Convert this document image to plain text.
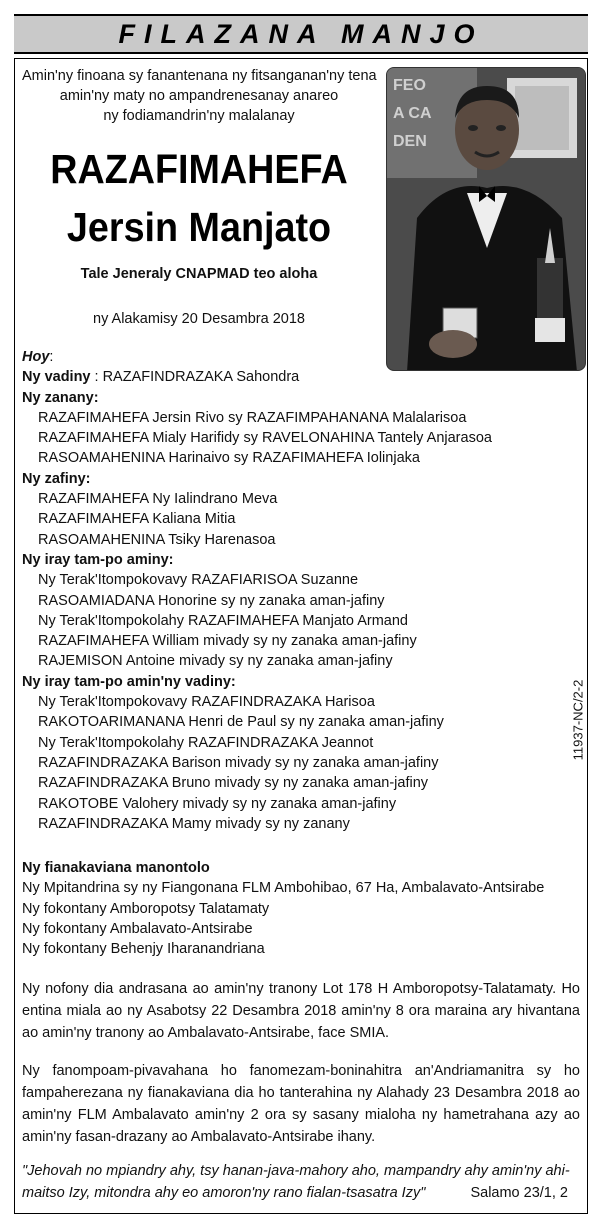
FILAZANA MANJO
Amin'ny finoana sy fanantenana ny fitsanganan'ny tena
amin'ny maty no ampandrenesanay anareo
ny fodiamandrin'ny malalanay
RAZAFIMAHEFA
Jersin Manjato
Tale Jeneraly CNAPMAD teo aloha
ny Alakamisy 20 Desambra 2018
FEO
A CA
DEN
Hoy:
Ny vadiny : RAZAFINDRAZAKA Sahondra
Ny zanany:
RAZAFIMAHEFA Jersin Rivo sy RAZAFIMPAHANANA Malalarisoa
RAZAFIMAHEFA Mialy Harifidy sy RAVELONAHINA Tantely Anjarasoa
RASOAMAHENINA Harinaivo sy RAZAFIMAHEFA Iolinjaka
Ny zafiny:
RAZAFIMAHEFA Ny Ialindrano Meva
RAZAFIMAHEFA Kaliana Mitia
RASOAMAHENINA Tsiky Harenasoa
Ny iray tam-po aminy:
Ny Terak'Itompokovavy RAZAFIARISOA Suzanne
RASOAMIADANA Honorine sy ny zanaka aman-jafiny
Ny Terak'Itompokolahy RAZAFIMAHEFA Manjato Armand
RAZAFIMAHEFA William mivady sy ny zanaka aman-jafiny
RAJEMISON Antoine mivady sy ny zanaka aman-jafiny
Ny iray tam-po amin'ny vadiny:
Ny Terak'Itompokovavy RAZAFINDRAZAKA Harisoa
RAKOTOARIMANANA Henri de Paul sy ny zanaka aman-jafiny
Ny Terak'Itompokolahy RAZAFINDRAZAKA Jeannot
RAZAFINDRAZAKA Barison mivady sy ny zanaka aman-jafiny
RAZAFINDRAZAKA Bruno mivady sy ny zanaka aman-jafiny
RAKOTOBE Valohery mivady sy ny zanaka aman-jafiny
RAZAFINDRAZAKA Mamy mivady sy ny zanany
11937-NC/2-2
Ny fianakaviana manontolo
Ny Mpitandrina sy ny Fiangonana FLM Ambohibao, 67 Ha, Ambalavato-Antsirabe
Ny fokontany Amboropotsy Talatamaty
Ny fokontany Ambalavato-Antsirabe
Ny fokontany Behenjy Iharanandriana
Ny nofony dia andrasana ao amin'ny tranony Lot 178 H Amboropotsy-Talatamaty. Ho entina miala ao ny Asabotsy 22 Desambra 2018 amin'ny 8 ora maraina ary hivantana ao amin'ny tranony ao Ambalavato-Antsirabe, face SMIA.
Ny fanompoam-pivavahana ho fanomezam-boninahitra an'Andriamanitra sy ho fampaherezana ny fianakaviana dia ho tanterahina ny Alahady 23 Desambra 2018 ao amin'ny FLM Ambalavato amin'ny 2 ora sy sasany mialoha ny hametrahana azy ao amin'ny fasan-drazany ao Ambalavato-Antsirabe ihany.
"Jehovah no mpiandry ahy, tsy hanan-java-mahory aho, mampandry ahy amin'ny ahi-maitso Izy, mitondra ahy eo amoron'ny rano fialan-tsasatra Izy"	Salamo 23/1, 2
